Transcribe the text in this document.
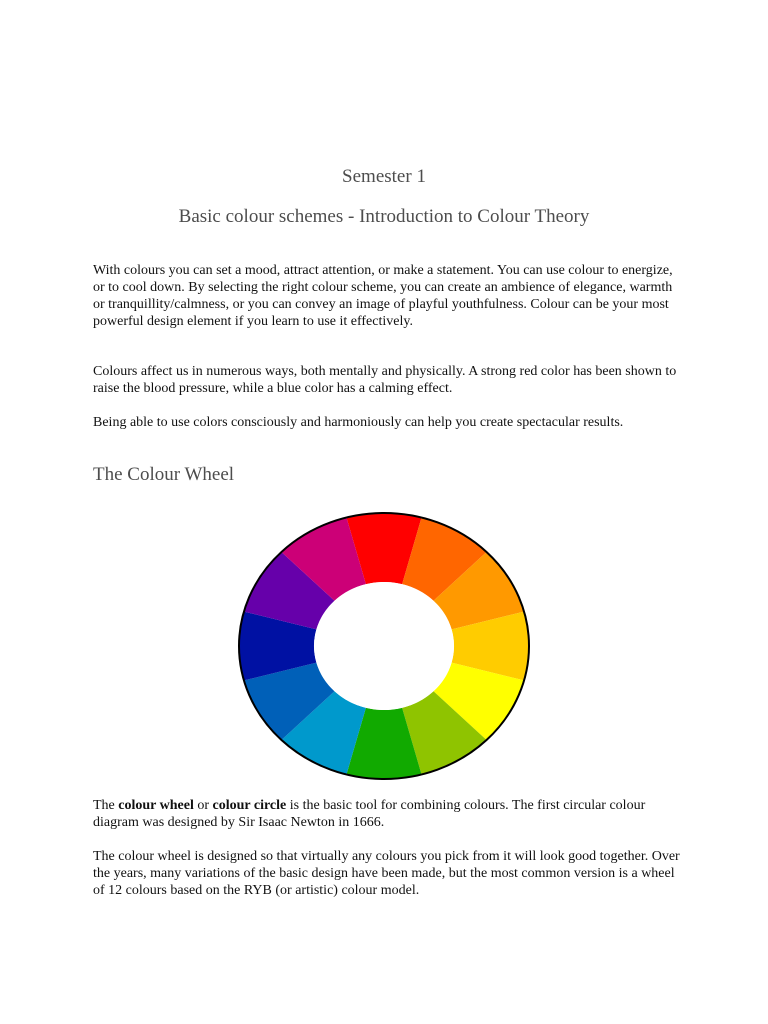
Semester 1
Basic colour schemes - Introduction to Colour Theory

With colours you can set a mood, attract attention, or make a statement. You can use colour to energize, or to cool down. By selecting the right colour scheme, you can create an ambience of elegance, warmth or tranquillity/calmness, or you can convey an image of playful youthfulness. Colour can be your most powerful design element if you learn to use it effectively.

Colours affect us in numerous ways, both mentally and physically. A strong red color has been shown to raise the blood pressure, while a blue color has a calming effect.

Being able to use colors consciously and harmoniously can help you create spectacular results.

The Colour Wheel

The colour wheel or colour circle is the basic tool for combining colours. The first circular colour diagram was designed by Sir Isaac Newton in 1666.

The colour wheel is designed so that virtually any colours you pick from it will look good together. Over the years, many variations of the basic design have been made, but the most common version is a wheel of 12 colours based on the RYB (or artistic) colour model.
